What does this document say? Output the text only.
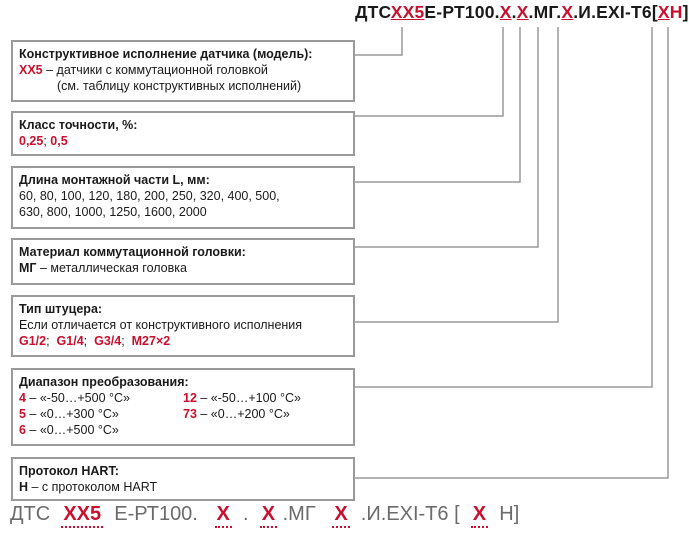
ДТСХХ5Е-РТ100.Х.Х.МГ.Х.И.EXI-Т6[ХН]
Конструктивное исполнение датчика (модель):
ХХ5 – датчики с коммутационной головкой
(см. таблицу конструктивных исполнений)
Класс точности, %:
0,25; 0,5
Длина монтажной части L, мм:
60, 80, 100, 120, 180, 200, 250, 320, 400, 500,
630, 800, 1000, 1250, 1600, 2000
Материал коммутационной головки:
МГ – металлическая головка
Тип штуцера:
Если отличается от конструктивного исполнения
G1/2; G1/4; G3/4; М27×2
Диапазон преобразования:
4 – «-50…+500 °С»
5 – «0…+300 °С»
6 – «0…+500 °С»
12 – «-50…+100 °С»
73 – «0…+200 °С»
Протокол HART:
Н – с протоколом HART
ДТС ХХ5 Е-РТ100. Х . Х .МГ Х .И.EXI-Т6 [ Х Н]
